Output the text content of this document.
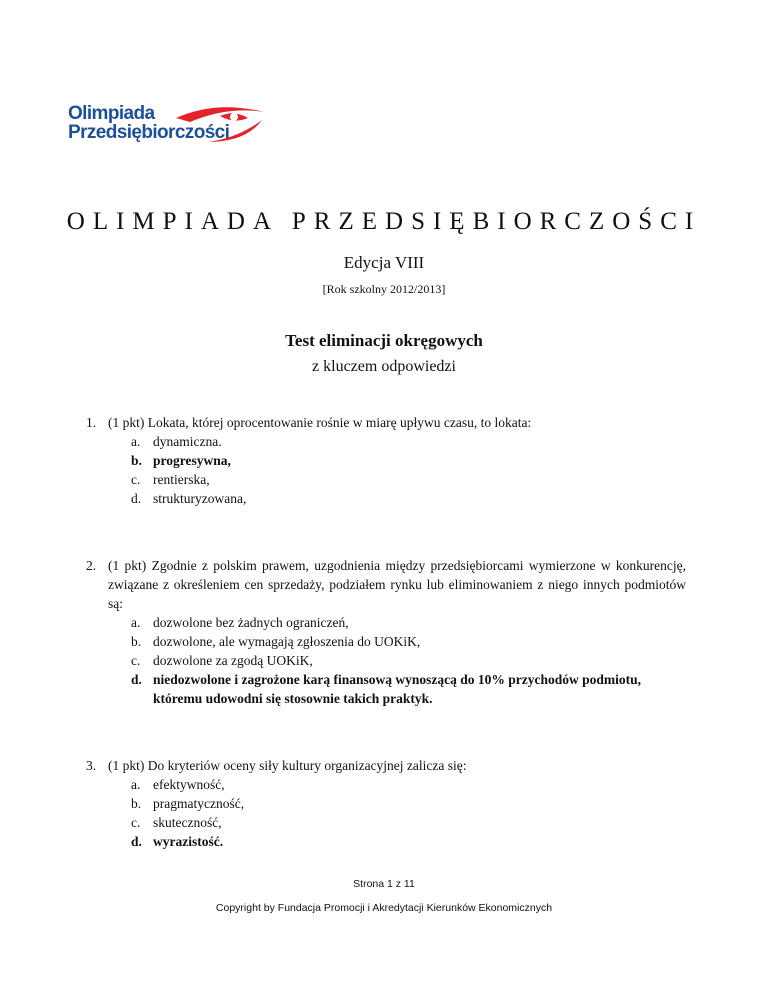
Olimpiada
Przedsiębiorczości
OLIMPIADA PRZEDSIĘBIORCZOŚCI
Edycja VIII
[Rok szkolny 2012/2013]
Test eliminacji okręgowych
z kluczem odpowiedzi
1. (1 pkt) Lokata, której oprocentowanie rośnie w miarę upływu czasu, to lokata:
a. dynamiczna.
b. progresywna,
c. rentierska,
d. strukturyzowana,
2. (1 pkt) Zgodnie z polskim prawem, uzgodnienia między przedsiębiorcami wymierzone w konkurencję, związane z określeniem cen sprzedaży, podziałem rynku lub eliminowaniem z niego innych podmiotów są:
a. dozwolone bez żadnych ograniczeń,
b. dozwolone, ale wymagają zgłoszenia do UOKiK,
c. dozwolone za zgodą UOKiK,
d. niedozwolone i zagrożone karą finansową wynoszącą do 10% przychodów podmiotu, któremu udowodni się stosownie takich praktyk.
3. (1 pkt) Do kryteriów oceny siły kultury organizacyjnej zalicza się:
a. efektywność,
b. pragmatyczność,
c. skuteczność,
d. wyrazistość.
Strona 1 z 11
Copyright by Fundacja Promocji i Akredytacji Kierunków Ekonomicznych
